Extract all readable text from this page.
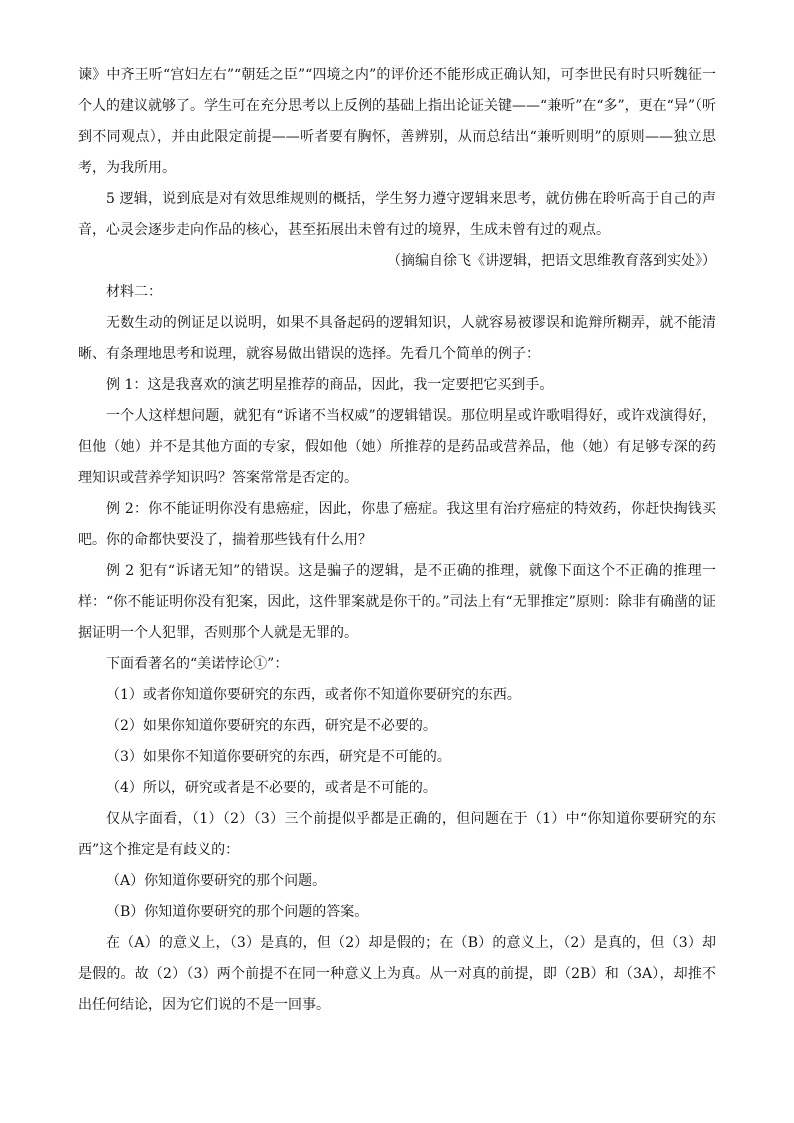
谏》中齐王听“宫妇左右”“朝廷之臣”“四境之内”的评价还不能形成正确认知，可李世民有时只听魏征一个人的建议就够了。学生可在充分思考以上反例的基础上指出论证关键——“兼听”在“多”，更在“异”（听到不同观点），并由此限定前提——听者要有胸怀，善辨别，从而总结出“兼听则明”的原则——独立思考，为我所用。

5 逻辑，说到底是对有效思维规则的概括，学生努力遵守逻辑来思考，就仿佛在聆听高于自己的声音，心灵会逐步走向作品的核心，甚至拓展出未曾有过的境界，生成未曾有过的观点。

（摘编自徐飞《讲逻辑，把语文思维教育落到实处》）

材料二：

无数生动的例证足以说明，如果不具备起码的逻辑知识，人就容易被谬误和诡辩所糊弄，就不能清晰、有条理地思考和说理，就容易做出错误的选择。先看几个简单的例子：

例 1：这是我喜欢的演艺明星推荐的商品，因此，我一定要把它买到手。

一个人这样想问题，就犯有“诉诸不当权威”的逻辑错误。那位明星或许歌唱得好，或许戏演得好，但他（她）并不是其他方面的专家，假如他（她）所推荐的是药品或营养品，他（她）有足够专深的药理知识或营养学知识吗？答案常常是否定的。

例 2：你不能证明你没有患癌症，因此，你患了癌症。我这里有治疗癌症的特效药，你赶快掏钱买吧。你的命都快要没了，揣着那些钱有什么用？

例 2 犯有“诉诸无知”的错误。这是骗子的逻辑，是不正确的推理，就像下面这个不正确的推理一样：“你不能证明你没有犯案，因此，这件罪案就是你干的。”司法上有“无罪推定”原则：除非有确凿的证据证明一个人犯罪，否则那个人就是无罪的。

下面看著名的“美诺悖论①”：

（1）或者你知道你要研究的东西，或者你不知道你要研究的东西。

（2）如果你知道你要研究的东西，研究是不必要的。

（3）如果你不知道你要研究的东西，研究是不可能的。

（4）所以，研究或者是不必要的，或者是不可能的。

仅从字面看，（1）（2）（3）三个前提似乎都是正确的，但问题在于（1）中“你知道你要研究的东西”这个推定是有歧义的：

（A）你知道你要研究的那个问题。

（B）你知道你要研究的那个问题的答案。

在（A）的意义上，（3）是真的，但（2）却是假的；在（B）的意义上，（2）是真的，但（3）却是假的。故（2）（3）两个前提不在同一种意义上为真。从一对真的前提，即（2B）和（3A），却推不出任何结论，因为它们说的不是一回事。
